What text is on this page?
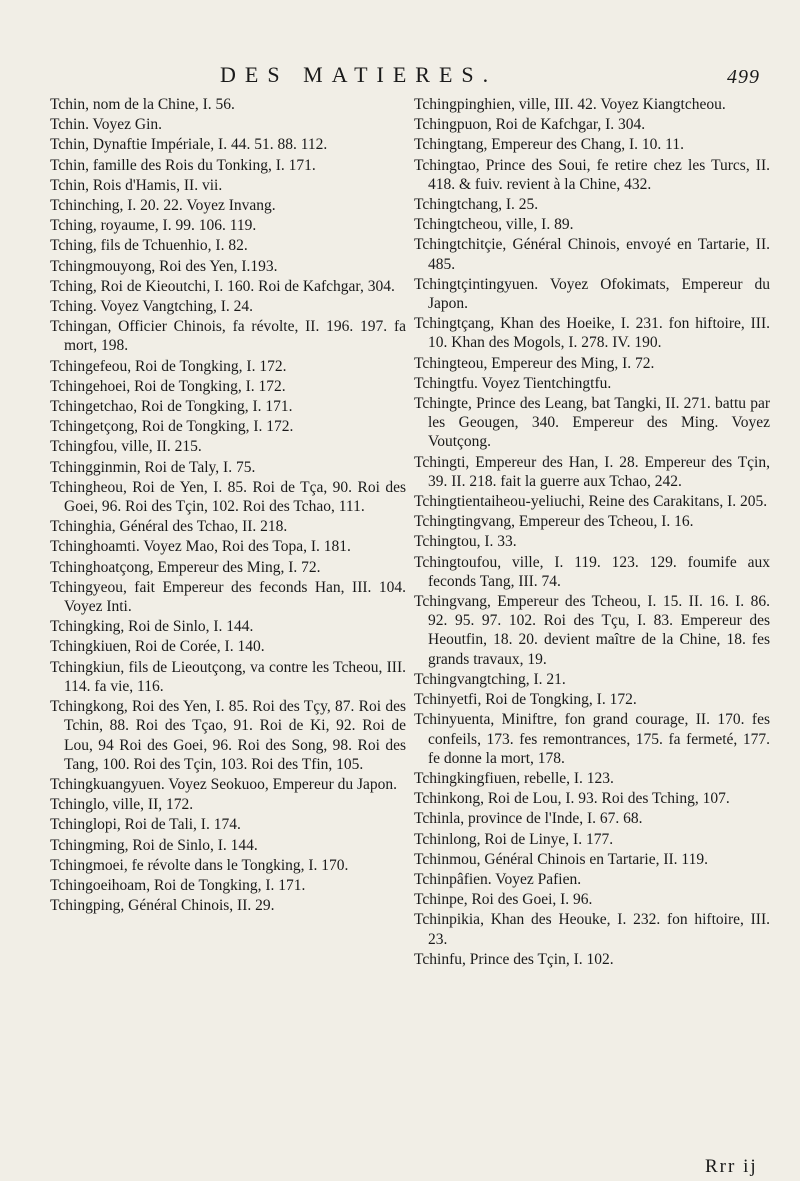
DES MATIERES.	499

Tchin, nom de la Chine, I. 56.

Tchin. Voyez Gin.

Tchin, Dynaftie Impériale, I. 44. 51. 88. 112.

Tchin, famille des Rois du Tonking, I. 171.

Tchin, Rois d'Hamis, II. vii.

Tchinching, I. 20. 22. Voyez Invang.

Tching, royaume, I. 99. 106. 119.

Tching, fils de Tchuenhio, I. 82.

Tchingmouyong, Roi des Yen, I.193.

Tching, Roi de Kieoutchi, I. 160. Roi de Kafchgar, 304.

Tching. Voyez Vangtching, I. 24.

Tchingan, Officier Chinois, fa révolte, II. 196. 197. fa mort, 198.

Tchingefeou, Roi de Tongking, I. 172.

Tchingehoei, Roi de Tongking, I. 172.

Tchingetchao, Roi de Tongking, I. 171.

Tchingetçong, Roi de Tongking, I. 172.

Tchingfou, ville, II. 215.

Tchingginmin, Roi de Taly, I. 75.

Tchingheou, Roi de Yen, I. 85. Roi de Tça, 90. Roi des Goei, 96. Roi des Tçin, 102. Roi des Tchao, 111.

Tchinghia, Général des Tchao, II. 218.

Tchinghoamti. Voyez Mao, Roi des Topa, I. 181.

Tchinghoatçong, Empereur des Ming, I. 72.

Tchingyeou, fait Empereur des feconds Han, III. 104. Voyez Inti.

Tchingking, Roi de Sinlo, I. 144.

Tchingkiuen, Roi de Corée, I. 140.

Tchingkiun, fils de Lieoutçong, va contre les Tcheou, III. 114. fa vie, 116.

Tchingkong, Roi des Yen, I. 85. Roi des Tçy, 87. Roi des Tchin, 88. Roi des Tçao, 91. Roi de Ki, 92. Roi de Lou, 94 Roi des Goei, 96. Roi des Song, 98. Roi des Tang, 100. Roi des Tçin, 103. Roi des Tfin, 105.

Tchingkuangyuen. Voyez Seokuoo, Empereur du Japon.

Tchinglo, ville, II, 172.

Tchinglopi, Roi de Tali, I. 174.

Tchingming, Roi de Sinlo, I. 144.

Tchingmoei, fe révolte dans le Tongking, I. 170.

Tchingoeihoam, Roi de Tongking, I. 171.

Tchingping, Général Chinois, II. 29.

Tchingpinghien, ville, III. 42. Voyez Kiangtcheou.

Tchingpuon, Roi de Kafchgar, I. 304.

Tchingtang, Empereur des Chang, I. 10. 11.

Tchingtao, Prince des Soui, fe retire chez les Turcs, II. 418. & fuiv. revient à la Chine, 432.

Tchingtchang, I. 25.

Tchingtcheou, ville, I. 89.

Tchingtchitçie, Général Chinois, envoyé en Tartarie, II. 485.

Tchingtçintingyuen. Voyez Ofokimats, Empereur du Japon.

Tchingtçang, Khan des Hoeike, I. 231. fon hiftoire, III. 10. Khan des Mogols, I. 278. IV. 190.

Tchingteou, Empereur des Ming, I. 72.

Tchingtfu. Voyez Tientchingtfu.

Tchingte, Prince des Leang, bat Tangki, II. 271. battu par les Geougen, 340. Empereur des Ming. Voyez Voutçong.

Tchingti, Empereur des Han, I. 28. Empereur des Tçin, 39. II. 218. fait la guerre aux Tchao, 242.

Tchingtientaiheou-yeliuchi, Reine des Carakitans, I. 205.

Tchingtingvang, Empereur des Tcheou, I. 16.

Tchingtou, I. 33.

Tchingtoufou, ville, I. 119. 123. 129. foumife aux feconds Tang, III. 74.

Tchingvang, Empereur des Tcheou, I. 15. II. 16. I. 86. 92. 95. 97. 102. Roi des Tçu, I. 83. Empereur des Heoutfin, 18. 20. devient maître de la Chine, 18. fes grands travaux, 19.

Tchingvangtching, I. 21.

Tchinyetfi, Roi de Tongking, I. 172.

Tchinyuenta, Miniftre, fon grand courage, II. 170. fes confeils, 173. fes remontrances, 175. fa fermeté, 177. fe donne la mort, 178.

Tchingkingfiuen, rebelle, I. 123.

Tchinkong, Roi de Lou, I. 93. Roi des Tching, 107.

Tchinla, province de l'Inde, I. 67. 68.

Tchinlong, Roi de Linye, I. 177.

Tchinmou, Général Chinois en Tartarie, II. 119.

Tchinpâfien. Voyez Pafien.

Tchinpe, Roi des Goei, I. 96.

Tchinpikia, Khan des Heouke, I. 232. fon hiftoire, III. 23.

Tchinfu, Prince des Tçin, I. 102.

Rrr ij
